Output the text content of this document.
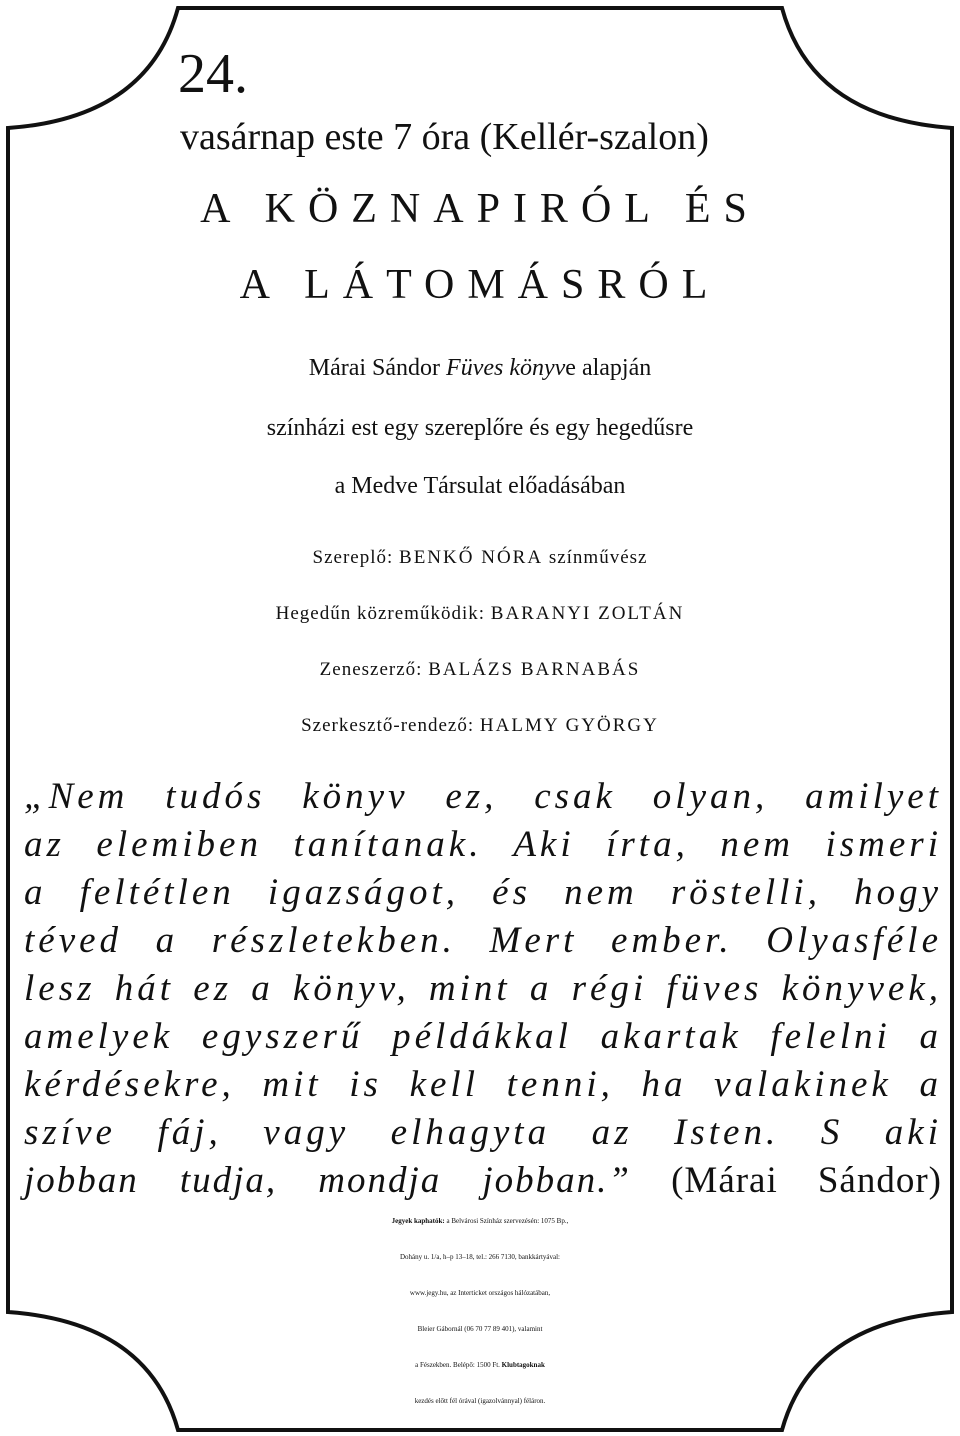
24.
vasárnap este 7 óra (Kellér-szalon)
A KÖZNAPIRÓL ÉS
A LÁTOMÁSRÓL
Márai Sándor Füves könyve alapján
színházi est egy szereplőre és egy hegedűsre
a Medve Társulat előadásában
Szereplő: BENKŐ NÓRA színművész
Hegedűn közreműködik: BARANYI ZOLTÁN
Zeneszerző: BALÁZS BARNABÁS
Szerkesztő-rendező: HALMY GYÖRGY
„Nem tudós könyv ez, csak olyan, amilyet
az elemiben tanítanak. Aki írta, nem ismeri
a feltétlen igazságot, és nem röstelli, hogy
téved a részletekben. Mert ember. Olyasféle
lesz hát ez a könyv, mint a régi füves könyvek,
amelyek egyszerű példákkal akartak felelni a
kérdésekre, mit is kell tenni, ha valakinek a
szíve fáj, vagy elhagyta az Isten. S aki
jobban tudja, mondja jobban.” (Márai Sándor)
Jegyek kaphatók: a Belvárosi Színház szervezésén: 1075 Bp.,
Dohány u. 1/a, h–p 13–18, tel.: 266 7130, bankkártyával:
www.jegy.hu, az Interticket országos hálózatában,
Bleier Gábornál (06 70 77 89 401), valamint
a Fészekben. Belépő: 1500 Ft. Klubtagoknak
kezdés előtt fél órával (igazolvánnyal) féláron.
